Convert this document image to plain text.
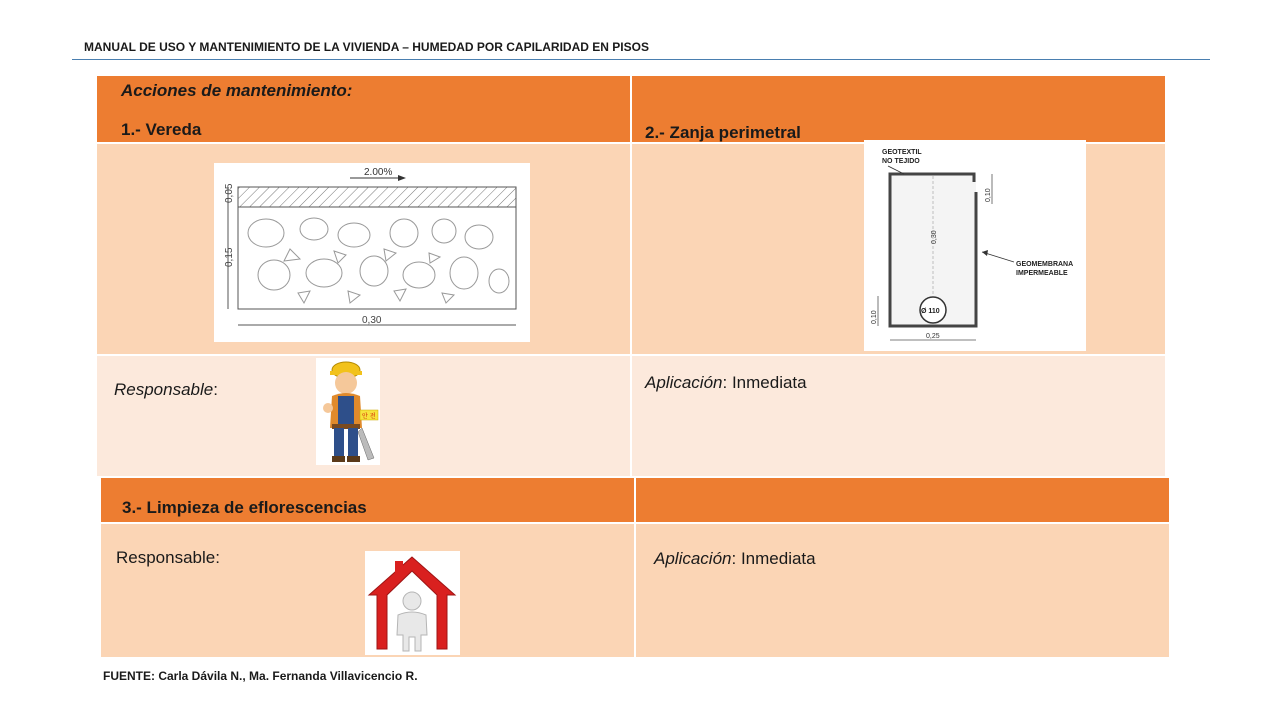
MANUAL DE USO Y MANTENIMIENTO DE LA VIVIENDA – HUMEDAD POR CAPILARIDAD EN PISOS
Acciones de mantenimiento:
1.- Vereda	2.- Zanja perimetral
2.00%
0,05
0,15
0,30
Ø 110
GEOTEXTIL
NO TEJIDO
GEOMEMBRANA
IMPERMEABLE
0,10
0,30
0,10
0,25
Responsable:	Aplicación: Inmediata
안 전
3.- Limpieza de eflorescencias
Responsable:	Aplicación: Inmediata
FUENTE: Carla Dávila N., Ma. Fernanda Villavicencio R.
